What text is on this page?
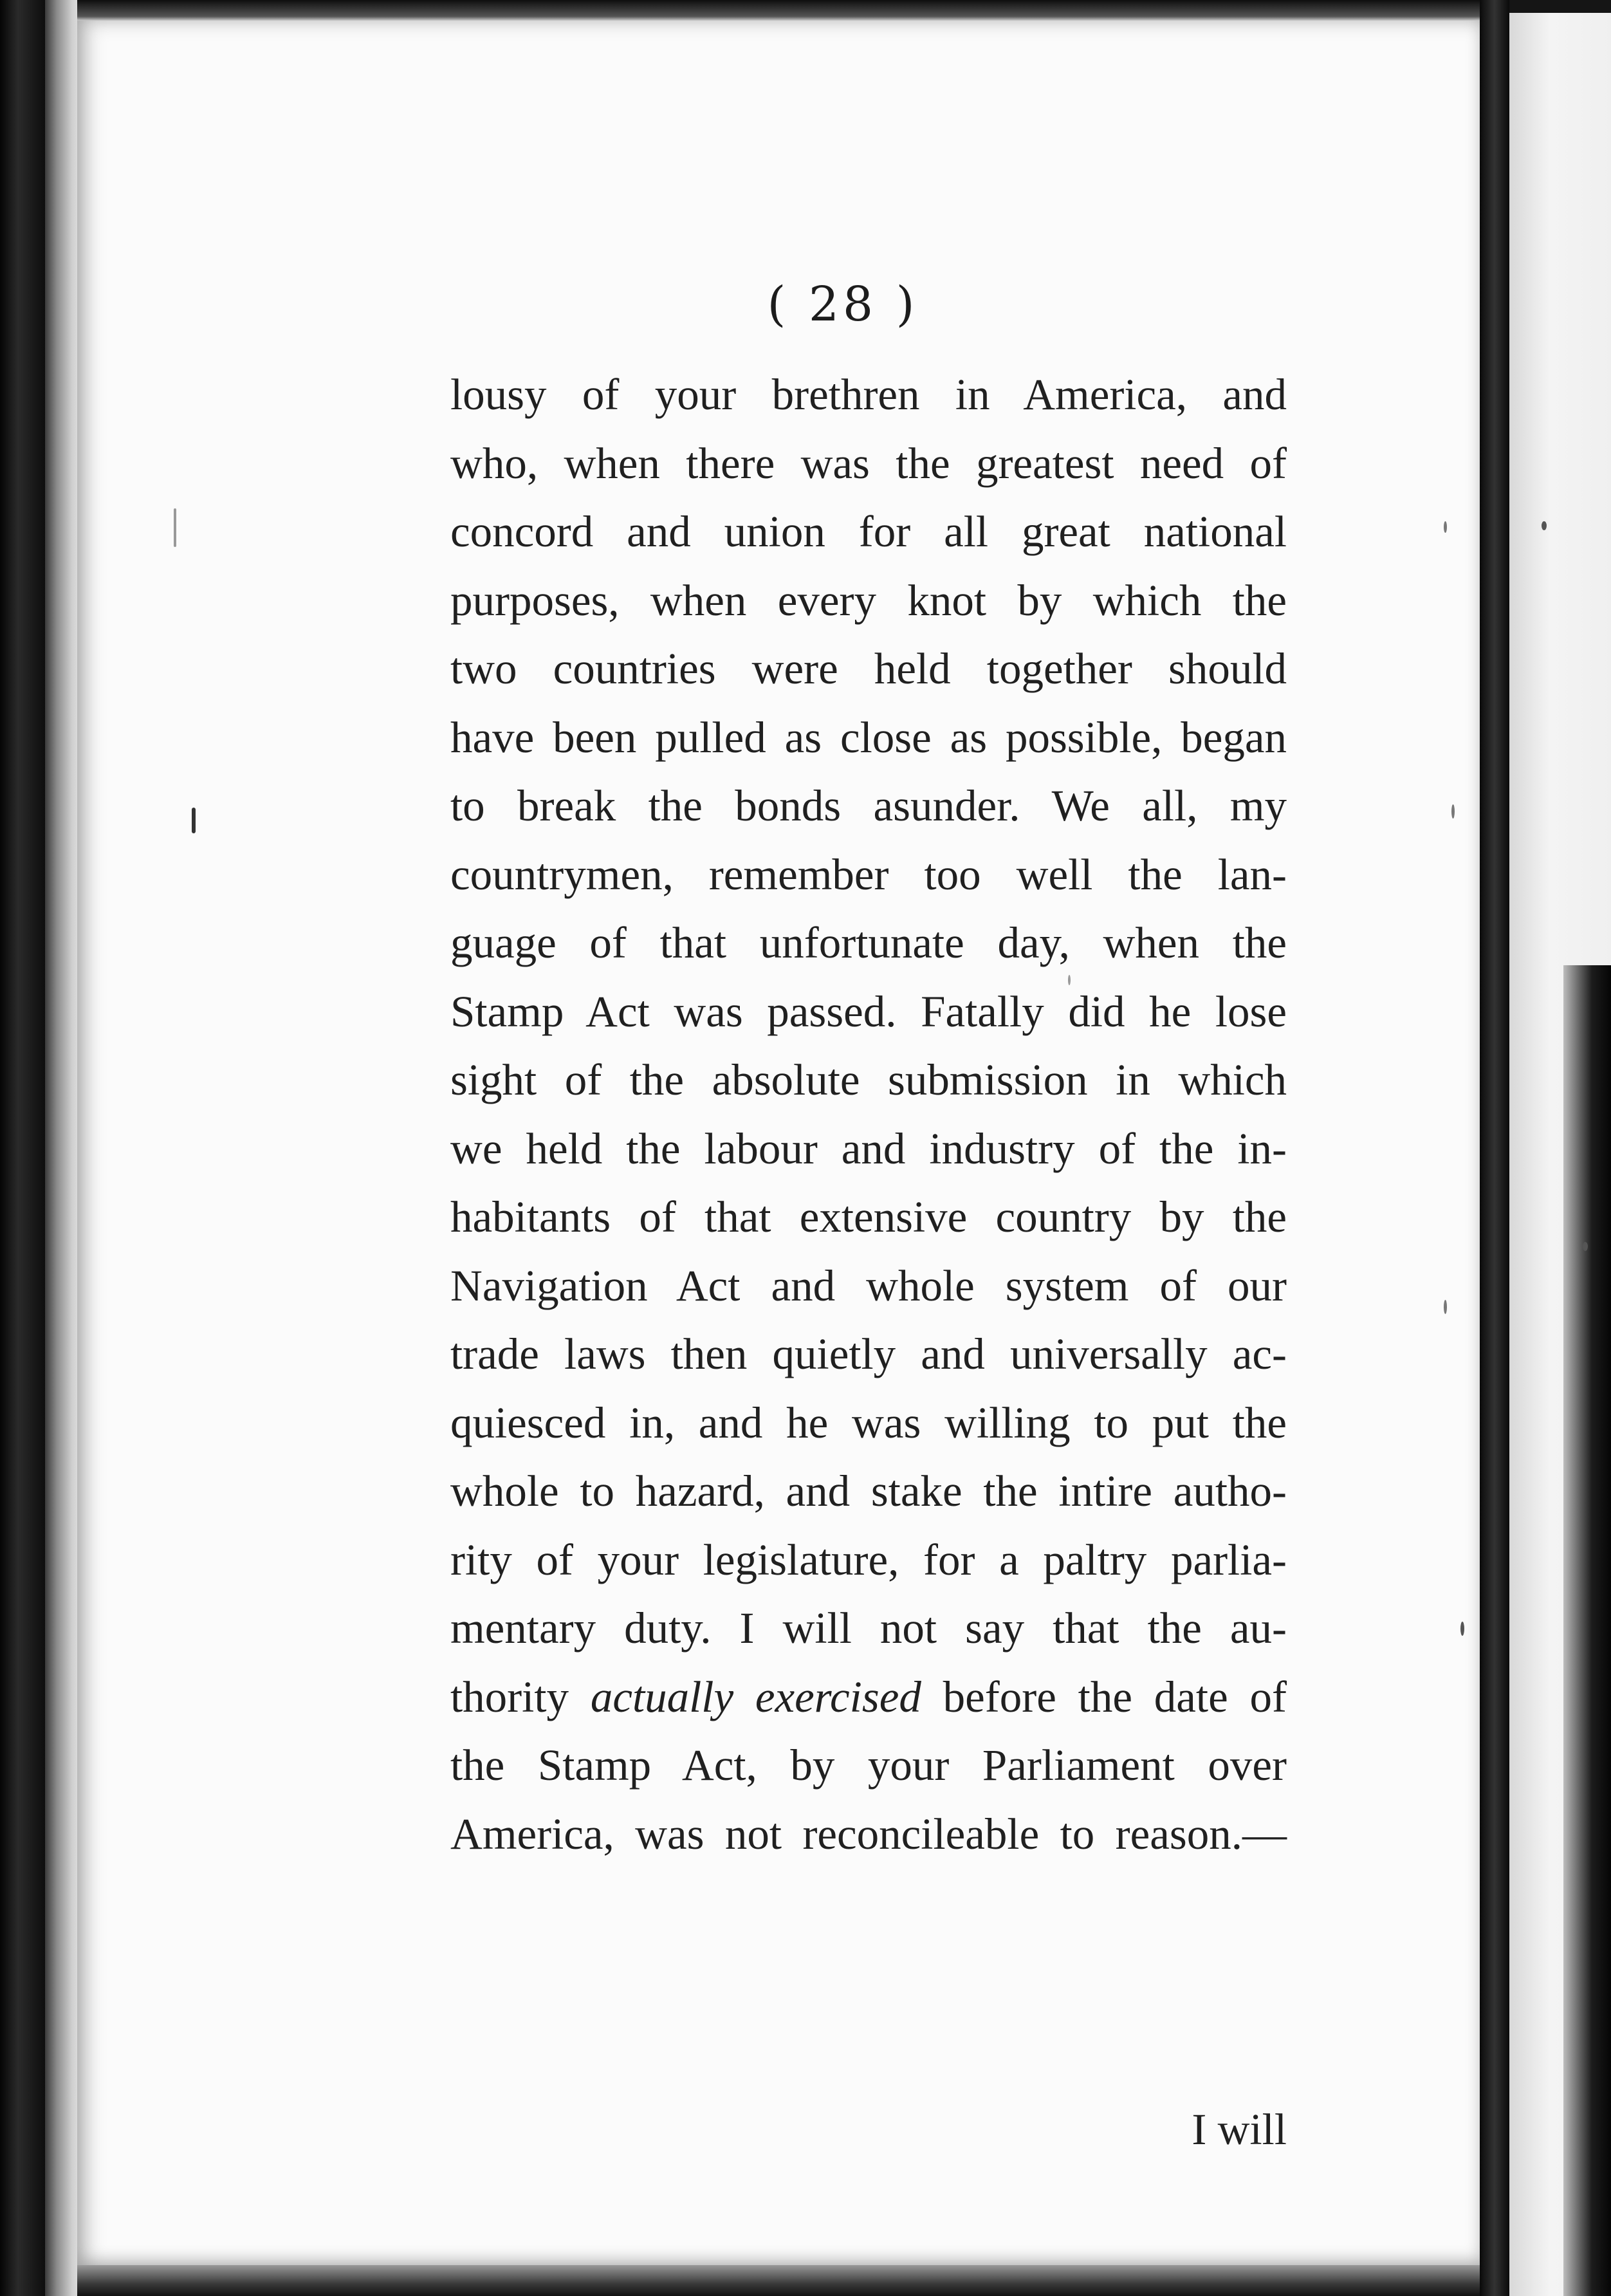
( 28 )
lousy of your brethren in America, and
who, when there was the greatest need of
concord and union for all great national
purposes, when every knot by which the
two countries were held together should
have been pulled as close as possible, began
to break the bonds asunder. We all, my
countrymen, remember too well the lan-
guage of that unfortunate day, when the
Stamp Act was passed. Fatally did he lose
sight of the absolute submission in which
we held the labour and industry of the in-
habitants of that extensive country by the
Navigation Act and whole system of our
trade laws then quietly and universally ac-
quiesced in, and he was willing to put the
whole to hazard, and stake the intire autho-
rity of your legislature, for a paltry parlia-
mentary duty. I will not say that the au-
thority actually exercised before the date of
the Stamp Act, by your Parliament over
America, was not reconcileable to reason.—
I will
